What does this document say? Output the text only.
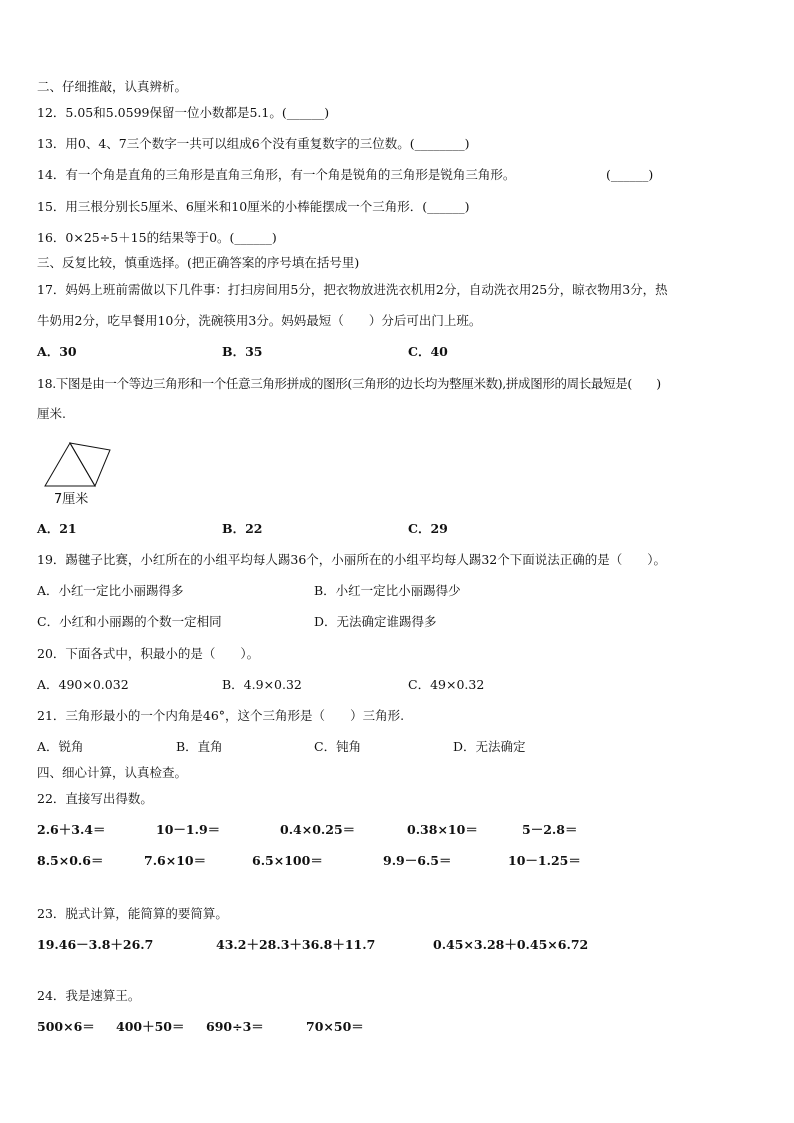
二、仔细推敲，认真辨析。
12．5.05和5.0599保留一位小数都是5.1。(______)
13．用0、4、7三个数字一共可以组成6个没有重复数字的三位数。(________)
14．有一个角是直角的三角形是直角三角形，有一个角是锐角的三角形是锐角三角形。	(______)
15．用三根分别长5厘米、6厘米和10厘米的小棒能摆成一个三角形．(______)
16．0×25÷5＋15的结果等于0。(______)
三、反复比较，慎重选择。(把正确答案的序号填在括号里)
17．妈妈上班前需做以下几件事：打扫房间用5分，把衣物放进洗衣机用2分，自动洗衣用25分，晾衣物用3分，热
牛奶用2分，吃早餐用10分，洗碗筷用3分。妈妈最短（　　）分后可出门上班。
A．30	B．35	C．40
18.下图是由一个等边三角形和一个任意三角形拼成的图形(三角形的边长均为整厘米数),拼成图形的周长最短是(　　)
厘米.
7厘米
A．21	B．22	C．29
19．踢毽子比赛，小红所在的小组平均每人踢36个，小丽所在的小组平均每人踢32个下面说法正确的是（　　）。
A．小红一定比小丽踢得多	B．小红一定比小丽踢得少
C．小红和小丽踢的个数一定相同	D．无法确定谁踢得多
20．下面各式中，积最小的是（　　）。
A．490×0.032	B．4.9×0.32	C．49×0.32
21．三角形最小的一个内角是46°，这个三角形是（　　）三角形.
A．锐角	B．直角	C．钝角	D．无法确定
四、细心计算，认真检查。
22．直接写出得数。
2.6＋3.4＝	10－1.9＝	0.4×0.25＝	0.38×10＝	5－2.8＝
8.5×0.6＝	7.6×10＝	6.5×100＝	9.9－6.5＝	10－1.25＝
23．脱式计算，能简算的要简算。
19.46－3.8＋26.7	43.2＋28.3＋36.8＋11.7	0.45×3.28＋0.45×6.72
24．我是速算王。
500×6＝ 400＋50＝ 690÷3＝	70×50＝
